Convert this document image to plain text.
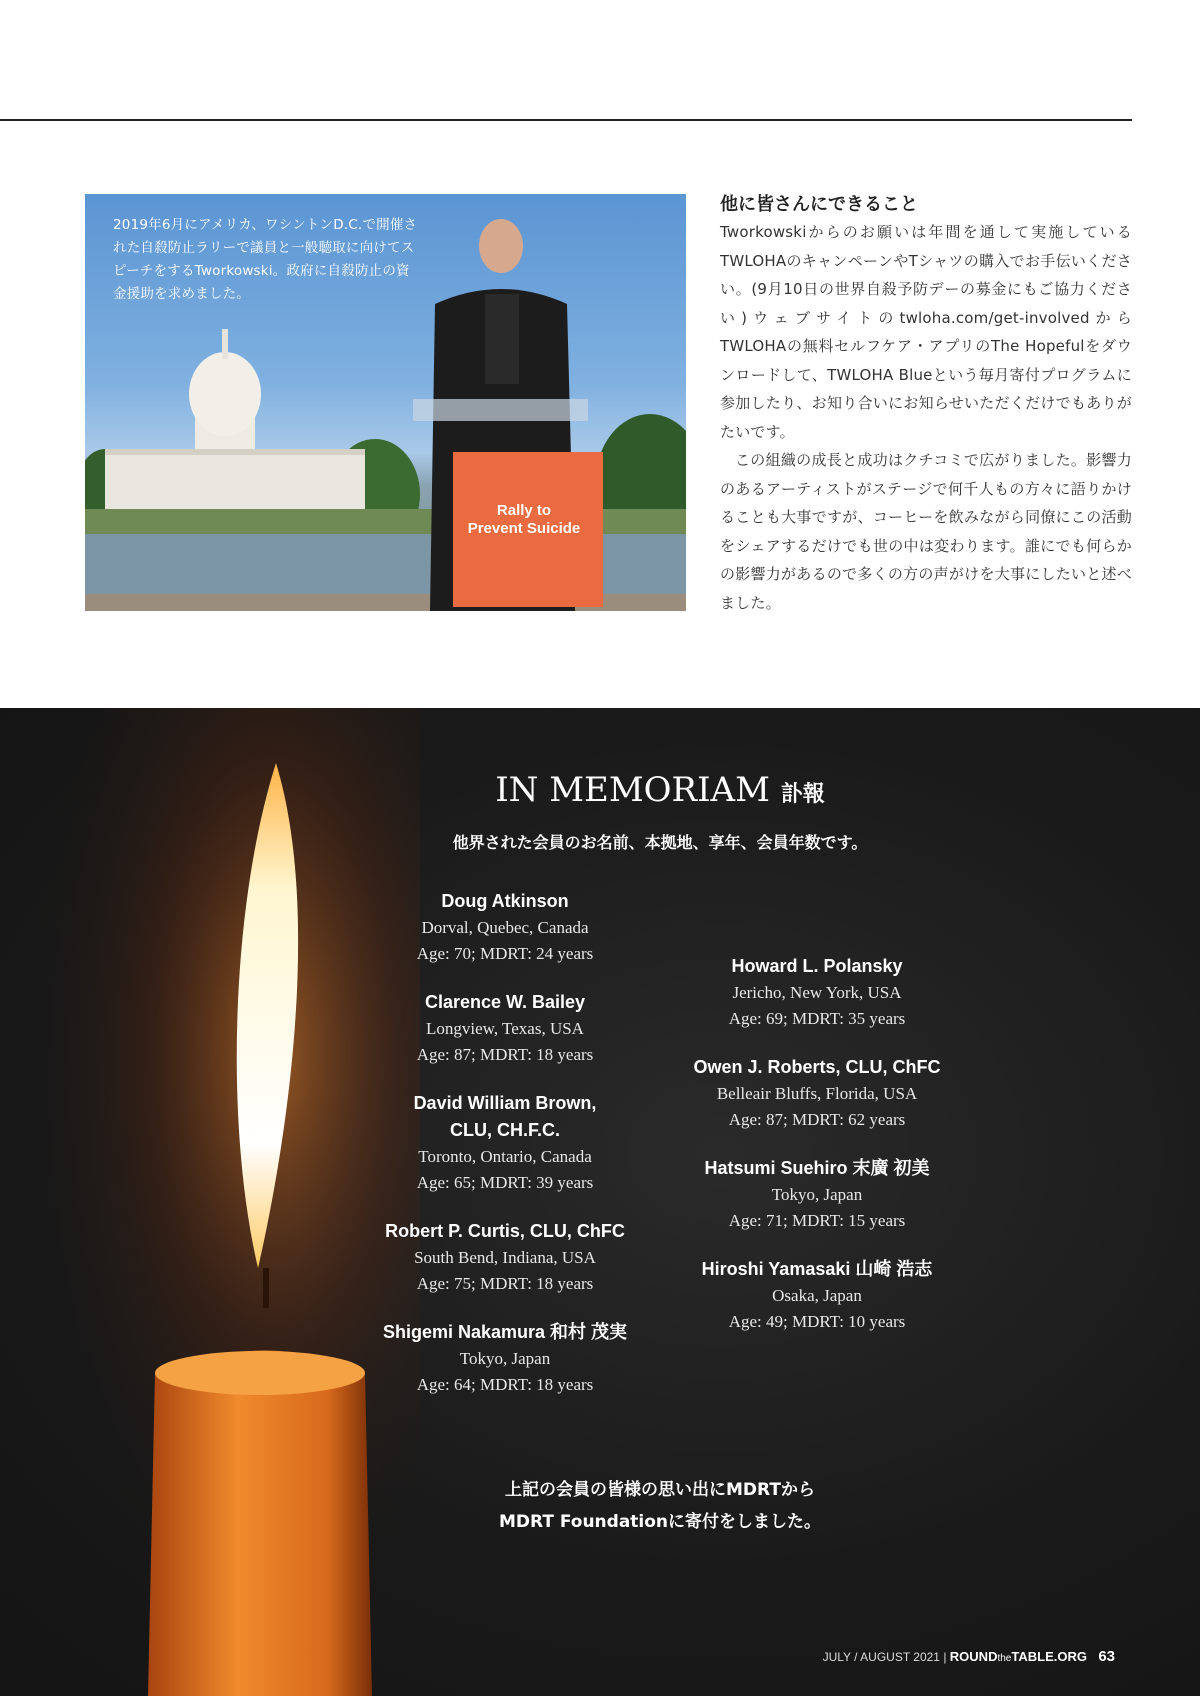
2019年6月にアメリカ、ワシントンD.C.で開催された自殺防止ラリーで議員と一般聴取に向けてスピーチをするTworkowski。政府に自殺防止の資金援助を求めました。
Rally to
Prevent Suicide
他に皆さんにできること

Tworkowskiからのお願いは年間を通して実施しているTWLOHAのキャンペーンやTシャツの購入でお手伝いください。(9月10日の世界自殺予防デーの募金にもご協力ください)ウェブサイトのtwloha.com/get-involvedからTWLOHAの無料セルフケア・アプリのThe Hopefulをダウンロードして、TWLOHA Blueという毎月寄付プログラムに参加したり、お知り合いにお知らせいただくだけでもありがたいです。

この組織の成長と成功はクチコミで広がりました。影響力のあるアーティストがステージで何千人もの方々に語りかけることも大事ですが、コーヒーを飲みながら同僚にこの活動をシェアするだけでも世の中は変わります。誰にでも何らかの影響力があるので多くの方の声がけを大事にしたいと述べました。

IN MEMORIAM 訃報
他界された会員のお名前、本拠地、享年、会員年数です。
Doug Atkinson
Dorval, Quebec, Canada
Age: 70; MDRT: 24 years
Clarence W. Bailey
Longview, Texas, USA
Age: 87; MDRT: 18 years
David William Brown,
CLU, CH.F.C.
Toronto, Ontario, Canada
Age: 65; MDRT: 39 years
Robert P. Curtis, CLU, ChFC
South Bend, Indiana, USA
Age: 75; MDRT: 18 years
Shigemi Nakamura 和村 茂実
Tokyo, Japan
Age: 64; MDRT: 18 years
Howard L. Polansky
Jericho, New York, USA
Age: 69; MDRT: 35 years
Owen J. Roberts, CLU, ChFC
Belleair Bluffs, Florida, USA
Age: 87; MDRT: 62 years
Hatsumi Suehiro 末廣 初美
Tokyo, Japan
Age: 71; MDRT: 15 years
Hiroshi Yamasaki 山崎 浩志
Osaka, Japan
Age: 49; MDRT: 10 years
上記の会員の皆様の思い出にMDRTから
MDRT Foundationに寄付をしました。
JULY / AUGUST 2021 | ROUNDtheTABLE.ORG 63
